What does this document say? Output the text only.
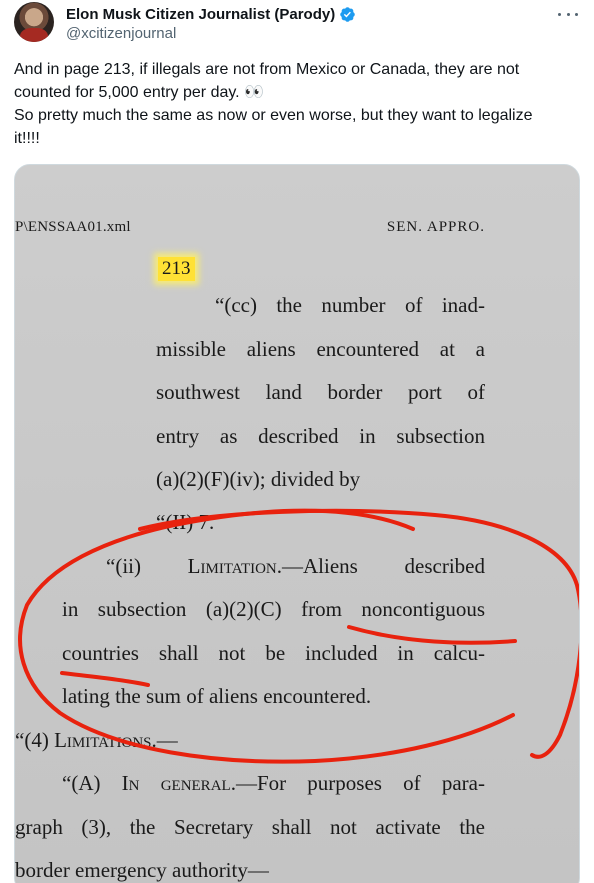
Elon Musk Citizen Journalist (Parody)
@xcitizenjournal

And in page 213, if illegals are not from Mexico or Canada, they are not

counted for 5,000 entry per day. 👀

So pretty much the same as now or even worse, but they want to legalize

it!!!!

P\ENSSAA01.xml	SEN. APPRO.
213
“(cc) the number of inad-
missible aliens encountered at a
southwest land border port of
entry as described in subsection
(a)(2)(F)(iv); divided by
“(II) 7.
“(ii) Limitation.—Aliens described
in subsection (a)(2)(C) from noncontiguous
countries shall not be included in calcu-
lating the sum of aliens encountered.
“(4) Limitations.—
“(A) In general.—For purposes of para-
graph (3), the Secretary shall not activate the
border emergency authority—
